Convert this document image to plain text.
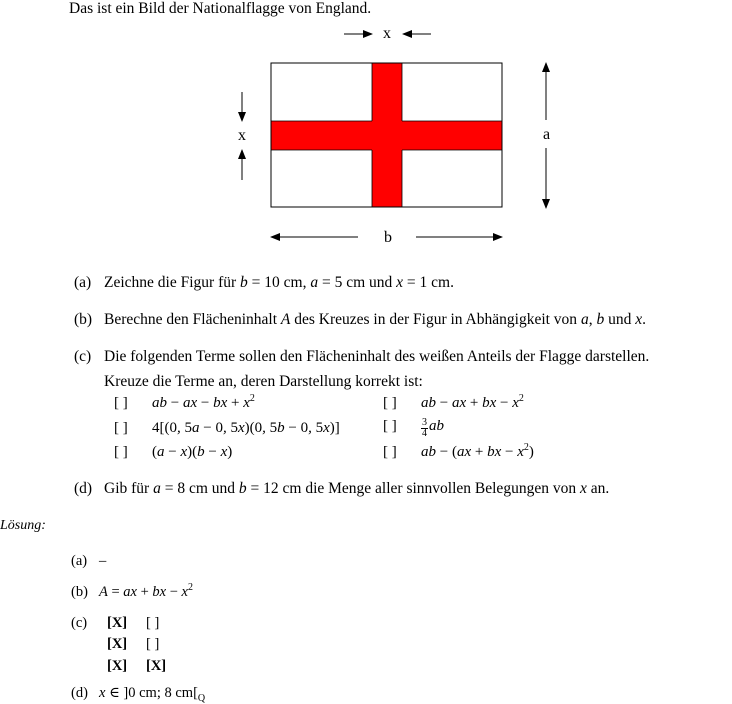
Das ist ein Bild der Nationalflagge von England.
x
x	a
b
(a) Zeichne die Figur für b = 10 cm, a = 5 cm und x = 1 cm.
(b) Berechne den Flächeninhalt A des Kreuzes in der Figur in Abhängigkeit von a, b und x.
(c) Die folgenden Terme sollen den Flächeninhalt des weißen Anteils der Flagge darstellen.
Kreuze die Terme an, deren Darstellung korrekt ist:
[ ] ab − ax − bx + $x^2$
[ ] 4[(0, 5a − 0, 5x)(0, 5b − 0, 5x)]
[ ] (a − x)(b − x)
[ ] ab − ax + bx − $x^2$
[ ] $\frac{3}{4}$ ab
[ ] ab − (ax + bx − $x^2$)
(d) Gib für a = 8 cm und b = 12 cm die Menge aller sinnvollen Belegungen von x an.
Lösung:
(a) –
(b) A = ax + bx − $x^2$
(c) [X] [ ]
[X] [ ]
[X] [X]
(d) x ∈ ]0 cm; 8 $cm[_Q$
